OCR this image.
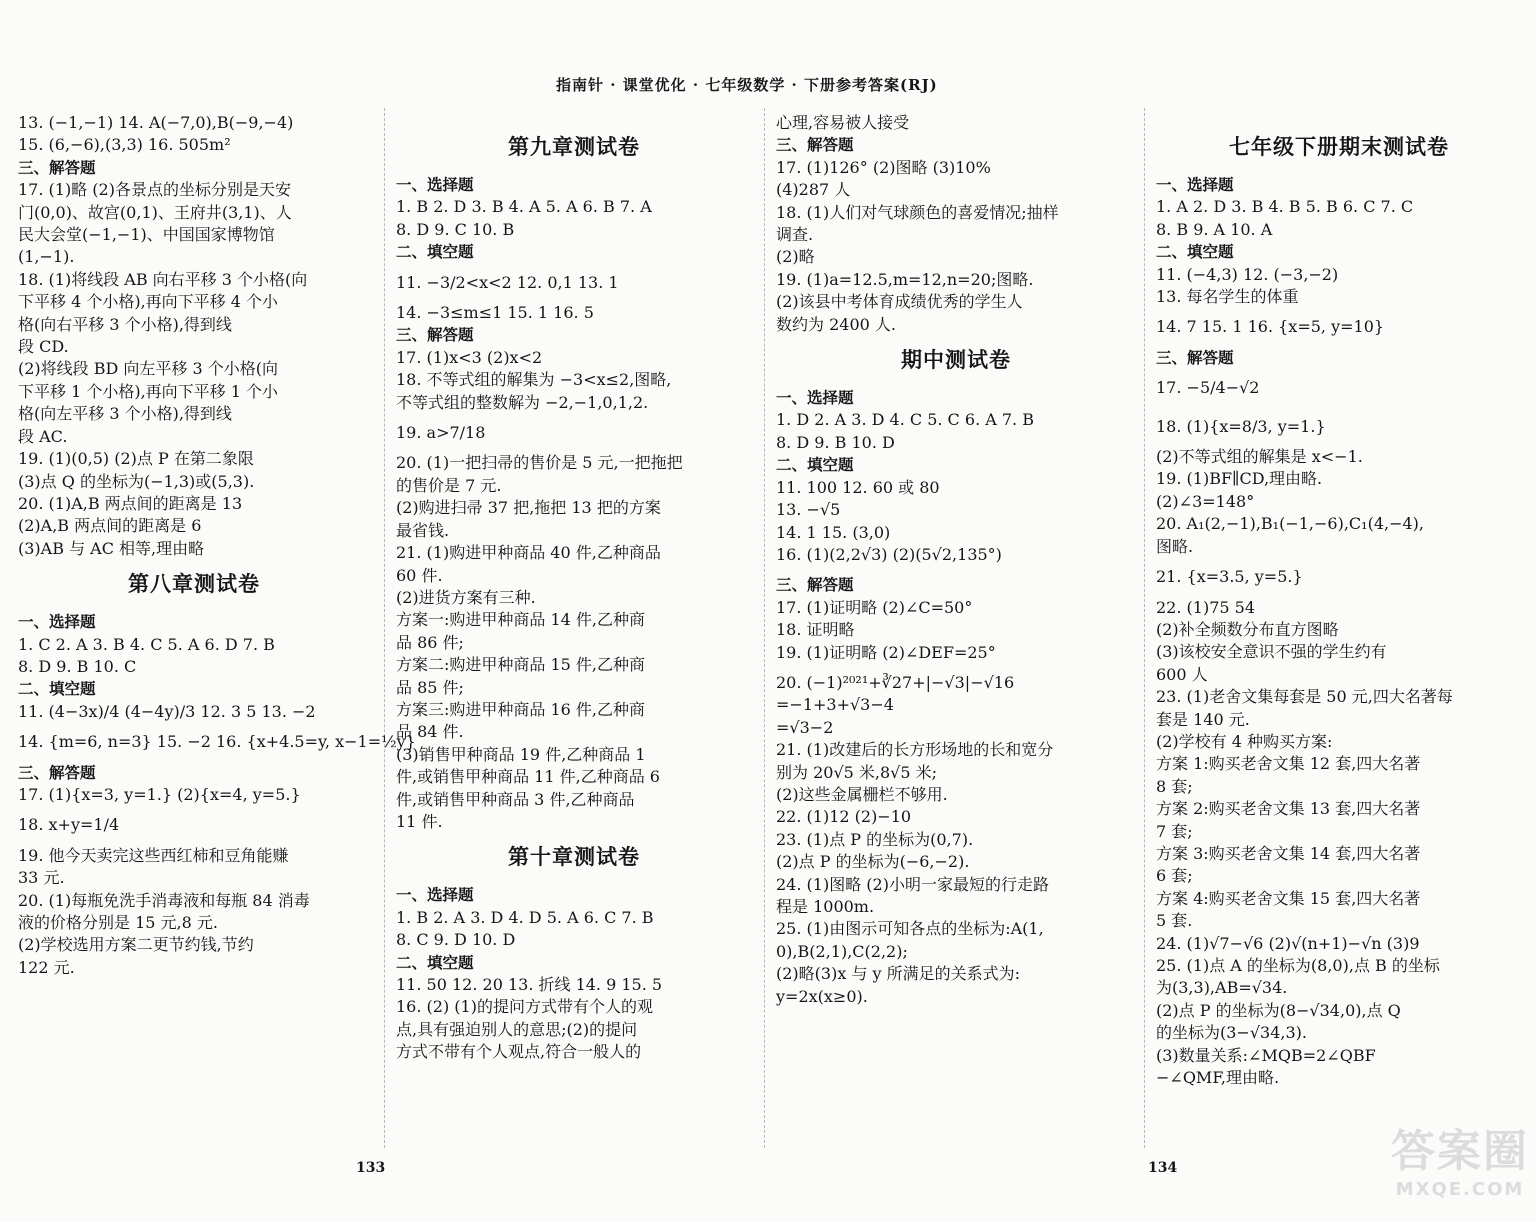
指南针 · 课堂优化 · 七年级数学 · 下册参考答案(RJ)
13. (−1,−1) 14. A(−7,0),B(−9,−4)
15. (6,−6),(3,3) 16. 505m²
三、解答题
17. (1)略 (2)各景点的坐标分别是天安
门(0,0)、故宫(0,1)、王府井(3,1)、人
民大会堂(−1,−1)、中国国家博物馆
(1,−1).
18. (1)将线段 AB 向右平移 3 个小格(向
下平移 4 个小格),再向下平移 4 个小
格(向右平移 3 个小格),得到线
段 CD.
(2)将线段 BD 向左平移 3 个小格(向
下平移 1 个小格),再向下平移 1 个小
格(向左平移 3 个小格),得到线
段 AC.
19. (1)(0,5) (2)点 P 在第二象限
(3)点 Q 的坐标为(−1,3)或(5,3).
20. (1)A,B 两点间的距离是 13
(2)A,B 两点间的距离是 6
(3)AB 与 AC 相等,理由略
第八章测试卷
一、选择题
1. C 2. A 3. B 4. C 5. A 6. D 7. B
8. D 9. B 10. C
二、填空题
11. (4−3x)/4 (4−4y)/3 12. 3 5 13. −2
14. {m=6, n=3} 15. −2 16. {x+4.5=y, x−1=½y}
三、解答题
17. (1){x=3, y=1.} (2){x=4, y=5.}
18. x+y=1/4
19. 他今天卖完这些西红柿和豆角能赚
33 元.
20. (1)每瓶免洗手消毒液和每瓶 84 消毒
液的价格分别是 15 元,8 元.
(2)学校选用方案二更节约钱,节约
122 元.
第九章测试卷
一、选择题
1. B 2. D 3. B 4. A 5. A 6. B 7. A
8. D 9. C 10. B
二、填空题
11. −3/2<x<2 12. 0,1 13. 1
14. −3≤m≤1 15. 1 16. 5
三、解答题
17. (1)x<3 (2)x<2
18. 不等式组的解集为 −3<x≤2,图略,
不等式组的整数解为 −2,−1,0,1,2.
19. a>7/18
20. (1)一把扫帚的售价是 5 元,一把拖把
的售价是 7 元.
(2)购进扫帚 37 把,拖把 13 把的方案
最省钱.
21. (1)购进甲种商品 40 件,乙种商品
60 件.
(2)进货方案有三种.
方案一:购进甲种商品 14 件,乙种商
品 86 件;
方案二:购进甲种商品 15 件,乙种商
品 85 件;
方案三:购进甲种商品 16 件,乙种商
品 84 件.
(3)销售甲种商品 19 件,乙种商品 1
件,或销售甲种商品 11 件,乙种商品 6
件,或销售甲种商品 3 件,乙种商品
11 件.
第十章测试卷
一、选择题
1. B 2. A 3. D 4. D 5. A 6. C 7. B
8. C 9. D 10. D
二、填空题
11. 50 12. 20 13. 折线 14. 9 15. 5
16. (2) (1)的提问方式带有个人的观
点,具有强迫别人的意思;(2)的提问
方式不带有个人观点,符合一般人的
心理,容易被人接受
三、解答题
17. (1)126° (2)图略 (3)10%
(4)287 人
18. (1)人们对气球颜色的喜爱情况;抽样
调查.
(2)略
19. (1)a=12.5,m=12,n=20;图略.
(2)该县中考体育成绩优秀的学生人
数约为 2400 人.
期中测试卷
一、选择题
1. D 2. A 3. D 4. C 5. C 6. A 7. B
8. D 9. B 10. D
二、填空题
11. 100 12. 60 或 80
13. −√5
14. 1 15. (3,0)
16. (1)(2,2√3) (2)(5√2,135°)
三、解答题
17. (1)证明略 (2)∠C=50°
18. 证明略
19. (1)证明略 (2)∠DEF=25°
20. (−1)²⁰²¹+∛27+|−√3|−√16
=−1+3+√3−4
=√3−2
21. (1)改建后的长方形场地的长和宽分
别为 20√5 米,8√5 米;
(2)这些金属栅栏不够用.
22. (1)12 (2)−10
23. (1)点 P 的坐标为(0,7).
(2)点 P 的坐标为(−6,−2).
24. (1)图略 (2)小明一家最短的行走路
程是 1000m.
25. (1)由图示可知各点的坐标为:A(1,
0),B(2,1),C(2,2);
(2)略(3)x 与 y 所满足的关系式为:
y=2x(x≥0).
七年级下册期末测试卷
一、选择题
1. A 2. D 3. B 4. B 5. B 6. C 7. C
8. B 9. A 10. A
二、填空题
11. (−4,3) 12. (−3,−2)
13. 每名学生的体重
14. 7 15. 1 16. {x=5, y=10}
三、解答题
17. −5/4−√2
18. (1){x=8/3, y=1.}
(2)不等式组的解集是 x<−1.
19. (1)BF∥CD,理由略.
(2)∠3=148°
20. A₁(2,−1),B₁(−1,−6),C₁(4,−4),
图略.
21. {x=3.5, y=5.}
22. (1)75 54
(2)补全频数分布直方图略
(3)该校安全意识不强的学生约有
600 人
23. (1)老舍文集每套是 50 元,四大名著每
套是 140 元.
(2)学校有 4 种购买方案:
方案 1:购买老舍文集 12 套,四大名著
8 套;
方案 2:购买老舍文集 13 套,四大名著
7 套;
方案 3:购买老舍文集 14 套,四大名著
6 套;
方案 4:购买老舍文集 15 套,四大名著
5 套.
24. (1)√7−√6 (2)√(n+1)−√n (3)9
25. (1)点 A 的坐标为(8,0),点 B 的坐标
为(3,3),AB=√34.
(2)点 P 的坐标为(8−√34,0),点 Q
的坐标为(3−√34,3).
(3)数量关系:∠MQB=2∠QBF
−∠QMF,理由略.
133	134	答案圈
MXQE.COM
